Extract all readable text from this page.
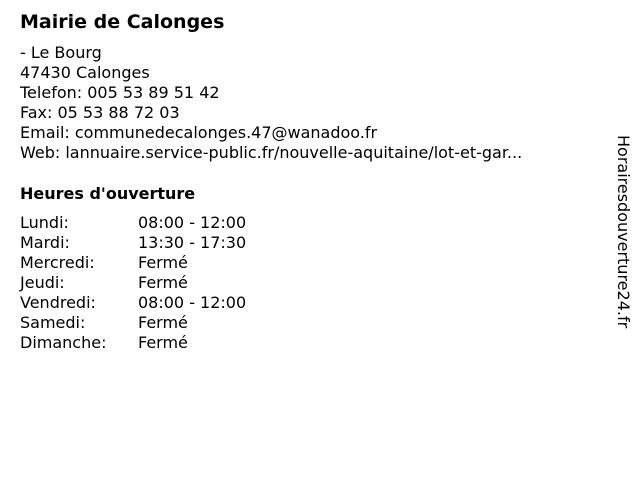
Mairie de Calonges
- Le Bourg
47430 Calonges
Telefon: 005 53 89 51 42
Fax: 05 53 88 72 03
Email: communedecalonges.47@wanadoo.fr
Web: lannuaire.service-public.fr/nouvelle-aquitaine/lot-et-gar...
Heures d'ouverture
Lundi:	08:00 - 12:00
Mardi:	13:30 - 17:30
Mercredi:	Fermé
Jeudi:	Fermé
Vendredi:	08:00 - 12:00
Samedi:	Fermé
Dimanche: Fermé
Horairesdouverture24.fr
